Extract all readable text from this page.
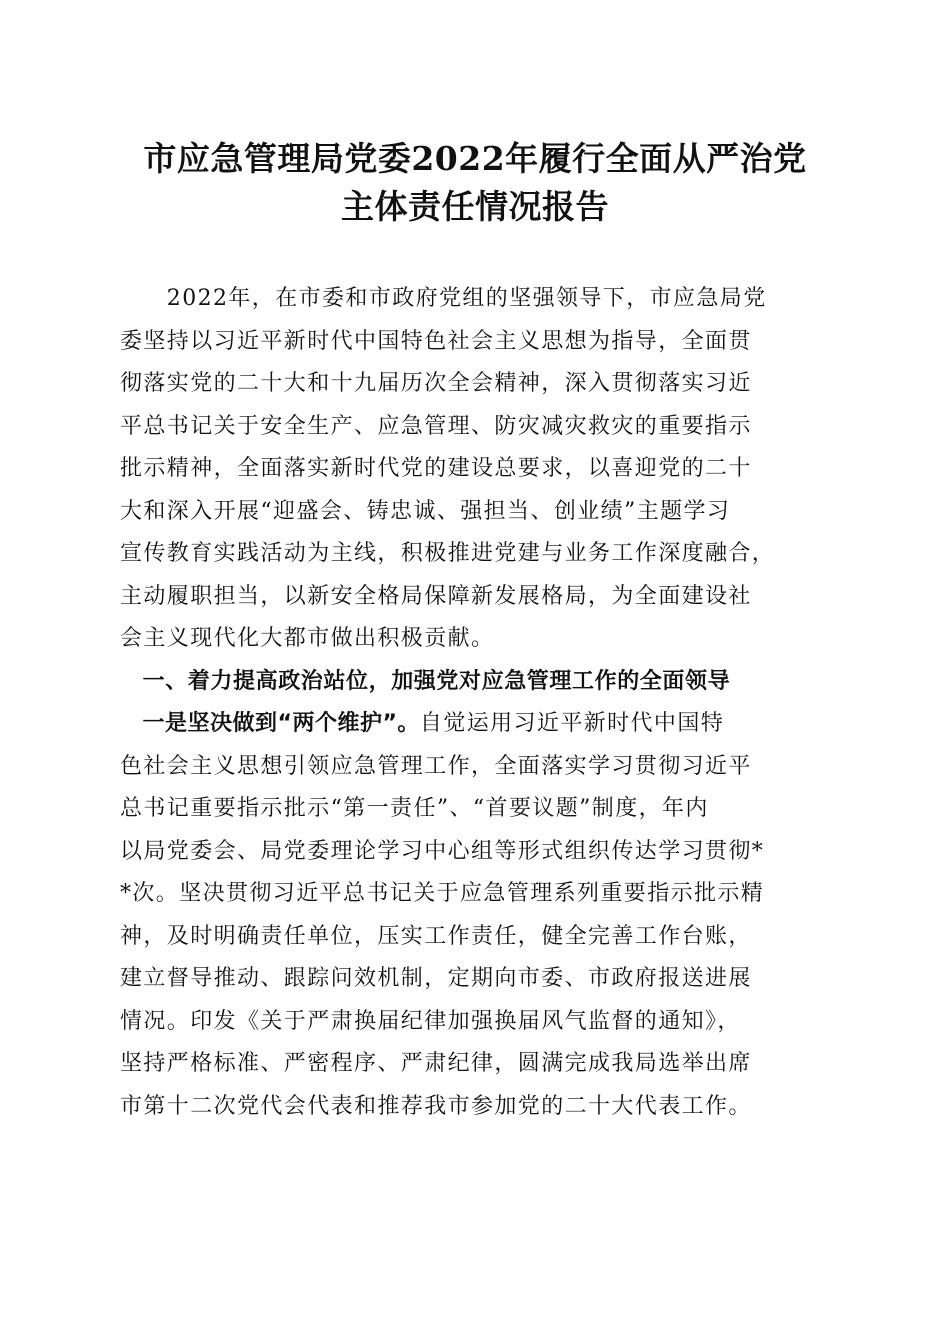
市应急管理局党委2022年履行全面从严治党
主体责任情况报告
　　2022年，在市委和市政府党组的坚强领导下，市应急局党
委坚持以习近平新时代中国特色社会主义思想为指导，全面贯
彻落实党的二十大和十九届历次全会精神，深入贯彻落实习近
平总书记关于安全生产、应急管理、防灾减灾救灾的重要指示
批示精神，全面落实新时代党的建设总要求，以喜迎党的二十
大和深入开展“迎盛会、铸忠诚、强担当、创业绩”主题学习
宣传教育实践活动为主线，积极推进党建与业务工作深度融合，
主动履职担当，以新安全格局保障新发展格局，为全面建设社
会主义现代化大都市做出积极贡献。
　一、着力提高政治站位，加强党对应急管理工作的全面领导
　一是坚决做到“两个维护”。自觉运用习近平新时代中国特
色社会主义思想引领应急管理工作，全面落实学习贯彻习近平
总书记重要指示批示“第一责任”、“首要议题”制度，年内
以局党委会、局党委理论学习中心组等形式组织传达学习贯彻*
*次。坚决贯彻习近平总书记关于应急管理系列重要指示批示精
神，及时明确责任单位，压实工作责任，健全完善工作台账，
建立督导推动、跟踪问效机制，定期向市委、市政府报送进展
情况。印发《关于严肃换届纪律加强换届风气监督的通知》，
坚持严格标准、严密程序、严肃纪律，圆满完成我局选举出席
市第十二次党代会代表和推荐我市参加党的二十大代表工作。
